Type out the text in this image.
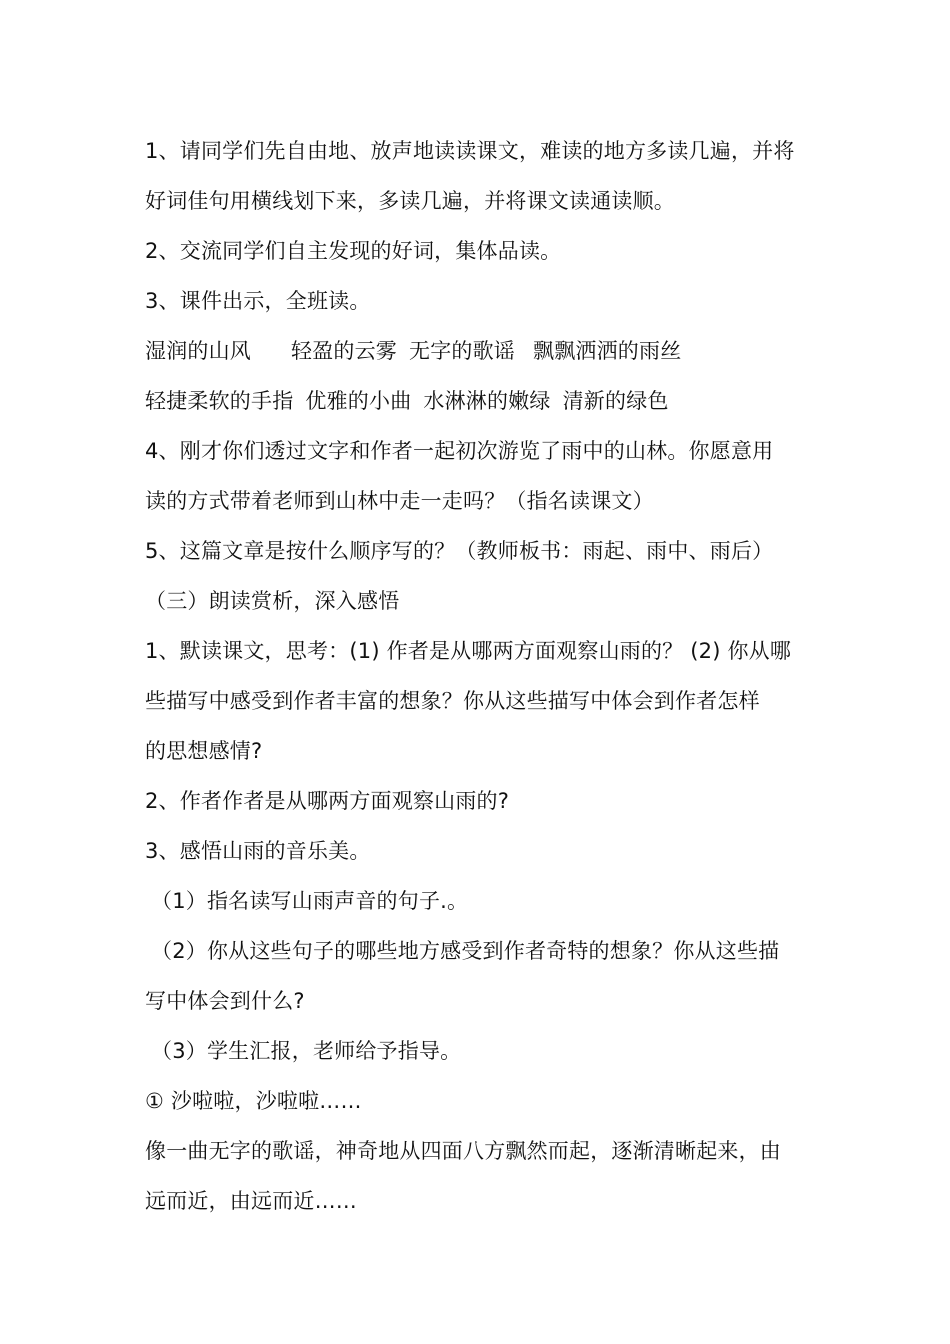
1、请同学们先自由地、放声地读读课文，难读的地方多读几遍，并将
好词佳句用横线划下来，多读几遍，并将课文读通读顺。
2、交流同学们自主发现的好词，集体品读。
3、课件出示，全班读。
湿润的山风 轻盈的云雾 无字的歌谣 飘飘洒洒的雨丝
轻捷柔软的手指 优雅的小曲 水淋淋的嫩绿 清新的绿色
4、刚才你们透过文字和作者一起初次游览了雨中的山林。你愿意用
读的方式带着老师到山林中走一走吗？（指名读课文）
5、这篇文章是按什么顺序写的？（教师板书：雨起、雨中、雨后）
（三）朗读赏析，深入感悟
1、默读课文，思考：(1) 作者是从哪两方面观察山雨的？ (2) 你从哪
些描写中感受到作者丰富的想象？你从这些描写中体会到作者怎样
的思想感情?
2、作者作者是从哪两方面观察山雨的?
3、感悟山雨的音乐美。
（1）指名读写山雨声音的句子.。
（2）你从这些句子的哪些地方感受到作者奇特的想象？你从这些描
写中体会到什么?
（3）学生汇报，老师给予指导。
① 沙啦啦，沙啦啦……
像一曲无字的歌谣，神奇地从四面八方飘然而起，逐渐清晰起来，由
远而近，由远而近……
